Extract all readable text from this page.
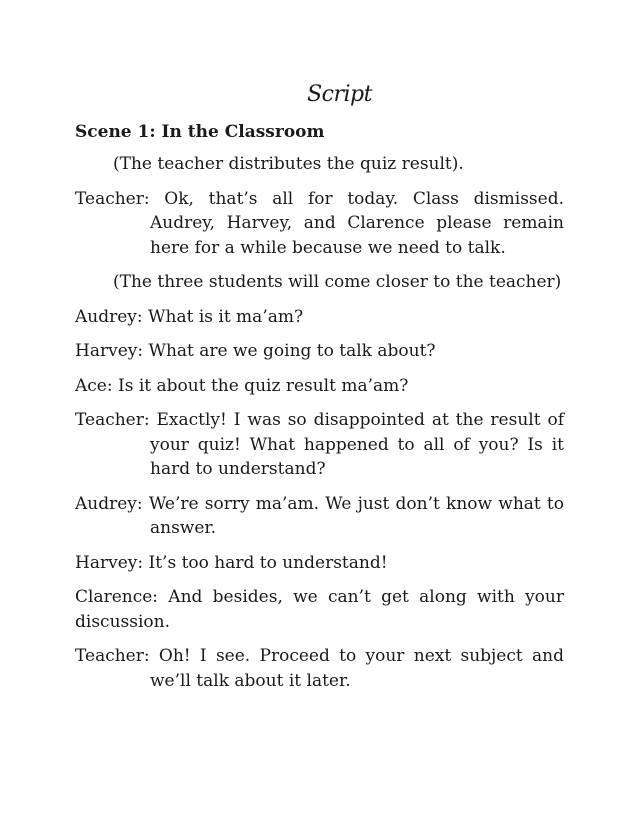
Script
Scene 1: In the Classroom
(The teacher distributes the quiz result).
Teacher: Ok, that’s all for today. Class dismissed. Audrey, Harvey, and Clarence please remain here for a while because we need to talk.
(The three students will come closer to the teacher)
Audrey: What is it ma’am?
Harvey: What are we going to talk about?
Ace: Is it about the quiz result ma’am?
Teacher: Exactly! I was so disappointed at the result of your quiz! What happened to all of you? Is it hard to understand?
Audrey: We’re sorry ma’am. We just don’t know what to answer.
Harvey: It’s too hard to understand!
Clarence: And besides, we can’t get along with your discussion.
Teacher: Oh! I see. Proceed to your next subject and we’ll talk about it later.
